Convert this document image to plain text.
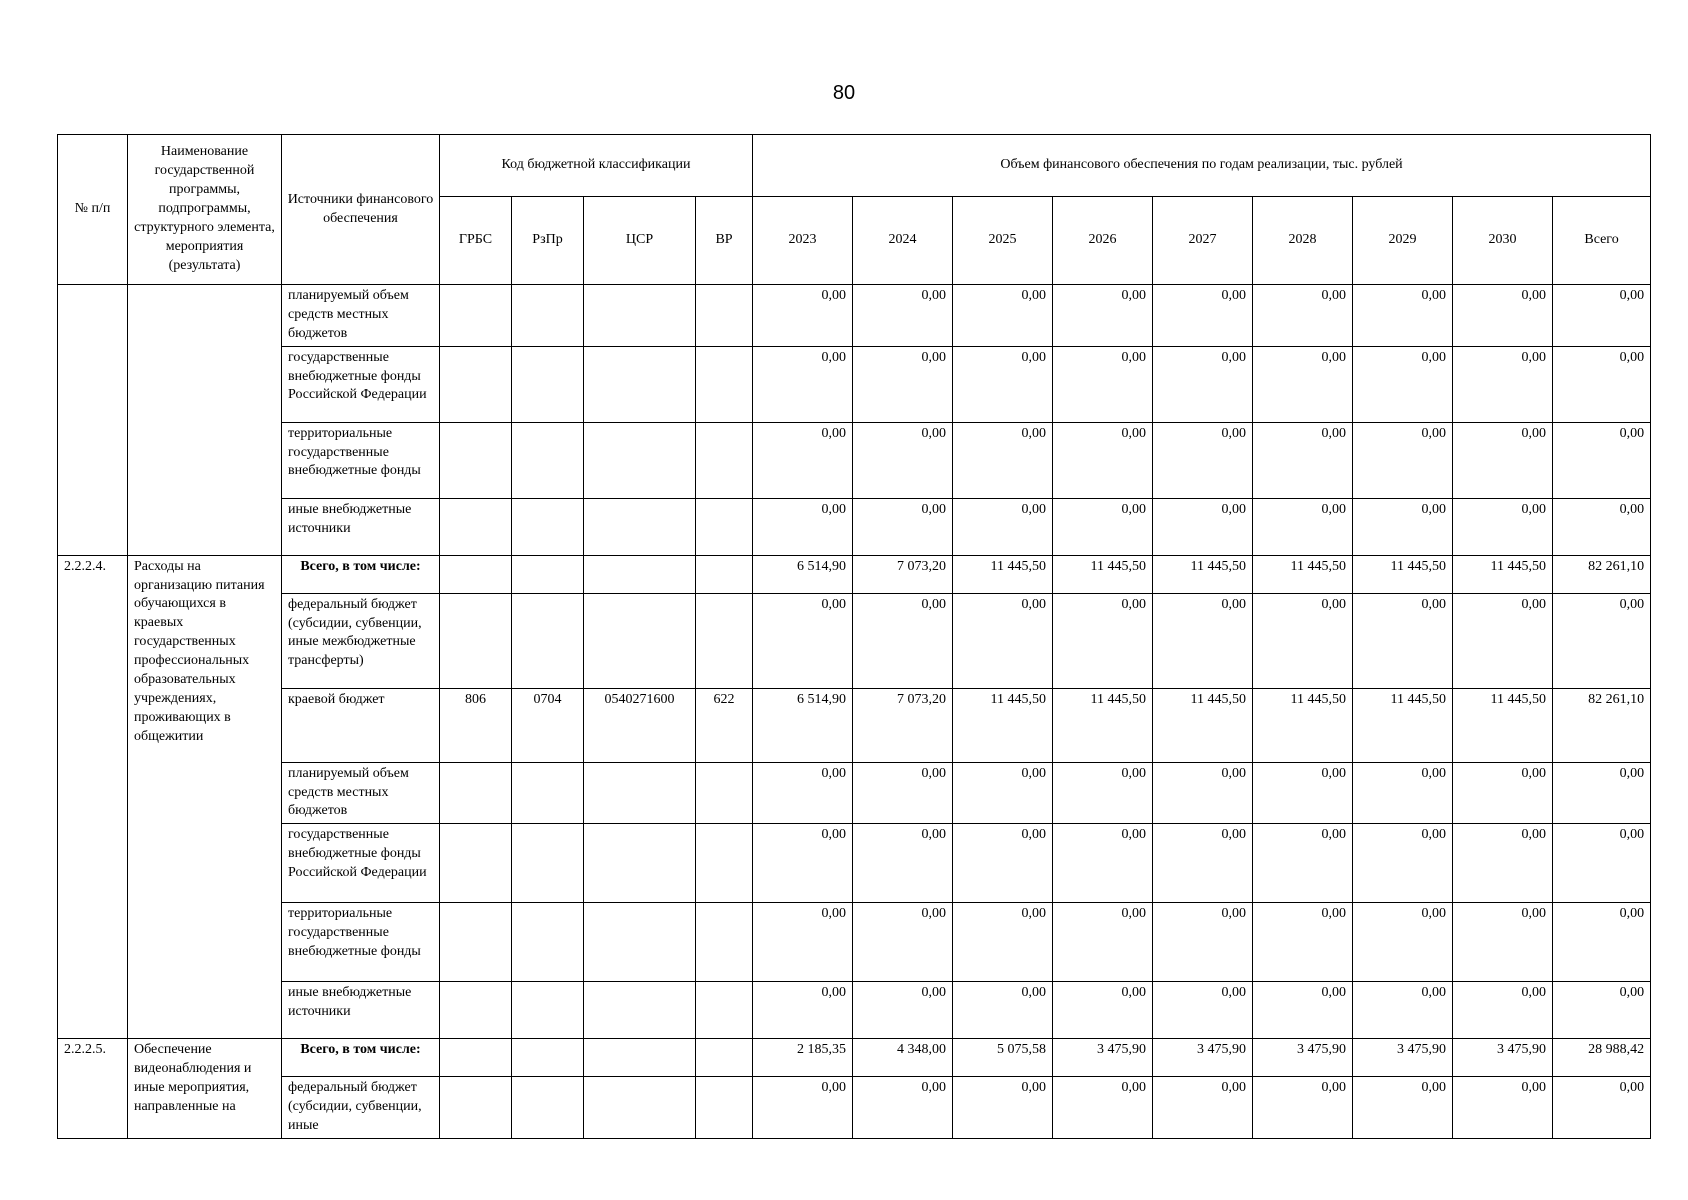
80
№ п/п	Наименование государственной программы, подпрограммы, структурного элемента, мероприятия (результата)	Источники финансового обеспечения	Код бюджетной классификации				Объем финансового обеспечения по годам реализации, тыс. рублей								
			ГРБС	РзПр	ЦСР	ВР	2023	2024	2025	2026	2027	2028	2029	2030	Всего
		планируемый объем средств местных бюджетов					0,00	0,00	0,00	0,00	0,00	0,00	0,00	0,00	0,00
		государственные внебюджетные фонды Российской Федерации					0,00	0,00	0,00	0,00	0,00	0,00	0,00	0,00	0,00
		территориальные государственные внебюджетные фонды					0,00	0,00	0,00	0,00	0,00	0,00	0,00	0,00	0,00
		иные внебюджетные источники					0,00	0,00	0,00	0,00	0,00	0,00	0,00	0,00	0,00
2.2.2.4.	Расходы на организацию питания обучающихся в краевых государственных профессиональных образовательных учреждениях, проживающих в общежитии	Всего, в том числе:					6 514,90	7 073,20	11 445,50	11 445,50	11 445,50	11 445,50	11 445,50	11 445,50	82 261,10
		федеральный бюджет (субсидии, субвенции, иные межбюджетные трансферты)					0,00	0,00	0,00	0,00	0,00	0,00	0,00	0,00	0,00
		краевой бюджет	806	0704	0540271600	622	6 514,90	7 073,20	11 445,50	11 445,50	11 445,50	11 445,50	11 445,50	11 445,50	82 261,10
		планируемый объем средств местных бюджетов					0,00	0,00	0,00	0,00	0,00	0,00	0,00	0,00	0,00
		государственные внебюджетные фонды Российской Федерации					0,00	0,00	0,00	0,00	0,00	0,00	0,00	0,00	0,00
		территориальные государственные внебюджетные фонды					0,00	0,00	0,00	0,00	0,00	0,00	0,00	0,00	0,00
		иные внебюджетные источники					0,00	0,00	0,00	0,00	0,00	0,00	0,00	0,00	0,00
2.2.2.5.	Обеспечение видеонаблюдения и иные мероприятия, направленные на	Всего, в том числе:					2 185,35	4 348,00	5 075,58	3 475,90	3 475,90	3 475,90	3 475,90	3 475,90	28 988,42
		федеральный бюджет (субсидии, субвенции, иные					0,00	0,00	0,00	0,00	0,00	0,00	0,00	0,00	0,00
